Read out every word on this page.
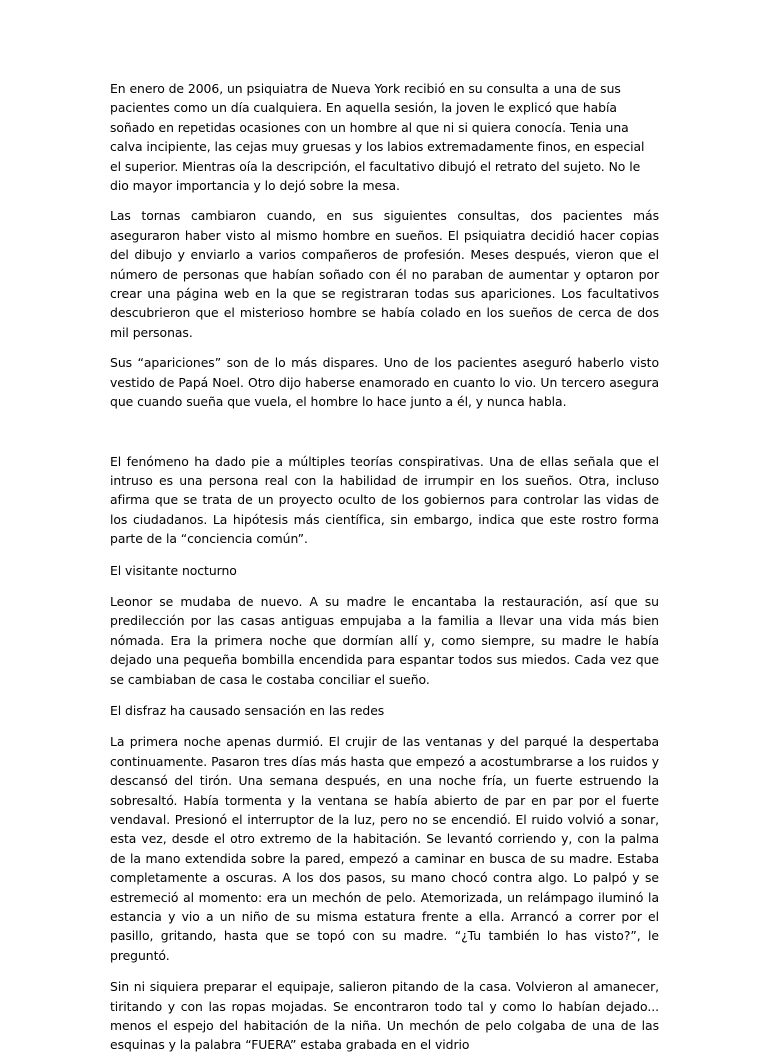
En enero de 2006, un psiquiatra de Nueva York recibió en su consulta a una de sus pacientes como un día cualquiera. En aquella sesión, la joven le explicó que había soñado en repetidas ocasiones con un hombre al que ni si quiera conocía. Tenia una calva incipiente, las cejas muy gruesas y los labios extremadamente finos, en especial el superior. Mientras oía la descripción, el facultativo dibujó el retrato del sujeto. No le dio mayor importancia y lo dejó sobre la mesa.

Las tornas cambiaron cuando, en sus siguientes consultas, dos pacientes más aseguraron haber visto al mismo hombre en sueños. El psiquiatra decidió hacer copias del dibujo y enviarlo a varios compañeros de profesión. Meses después, vieron que el número de personas que habían soñado con él no paraban de aumentar y optaron por crear una página web en la que se registraran todas sus apariciones. Los facultativos descubrieron que el misterioso hombre se había colado en los sueños de cerca de dos mil personas.

Sus “apariciones” son de lo más dispares. Uno de los pacientes aseguró haberlo visto vestido de Papá Noel. Otro dijo haberse enamorado en cuanto lo vio. Un tercero asegura que cuando sueña que vuela, el hombre lo hace junto a él, y nunca habla.

El fenómeno ha dado pie a múltiples teorías conspirativas. Una de ellas señala que el intruso es una persona real con la habilidad de irrumpir en los sueños. Otra, incluso afirma que se trata de un proyecto oculto de los gobiernos para controlar las vidas de los ciudadanos. La hipótesis más científica, sin embargo, indica que este rostro forma parte de la “conciencia común”.

El visitante nocturno

Leonor se mudaba de nuevo. A su madre le encantaba la restauración, así que su predilección por las casas antiguas empujaba a la familia a llevar una vida más bien nómada. Era la primera noche que dormían allí y, como siempre, su madre le había dejado una pequeña bombilla encendida para espantar todos sus miedos. Cada vez que se cambiaban de casa le costaba conciliar el sueño.

El disfraz ha causado sensación en las redes

La primera noche apenas durmió. El crujir de las ventanas y del parqué la despertaba continuamente. Pasaron tres días más hasta que empezó a acostumbrarse a los ruidos y descansó del tirón. Una semana después, en una noche fría, un fuerte estruendo la sobresaltó. Había tormenta y la ventana se había abierto de par en par por el fuerte vendaval. Presionó el interruptor de la luz, pero no se encendió. El ruido volvió a sonar, esta vez, desde el otro extremo de la habitación. Se levantó corriendo y, con la palma de la mano extendida sobre la pared, empezó a caminar en busca de su madre. Estaba completamente a oscuras. A los dos pasos, su mano chocó contra algo. Lo palpó y se estremeció al momento: era un mechón de pelo. Atemorizada, un relámpago iluminó la estancia y vio a un niño de su misma estatura frente a ella. Arrancó a correr por el pasillo, gritando, hasta que se topó con su madre. “¿Tu también lo has visto?”, le preguntó.

Sin ni siquiera preparar el equipaje, salieron pitando de la casa. Volvieron al amanecer, tiritando y con las ropas mojadas. Se encontraron todo tal y como lo habían dejado... menos el espejo del habitación de la niña. Un mechón de pelo colgaba de una de las esquinas y la palabra “FUERA” estaba grabada en el vidrio
